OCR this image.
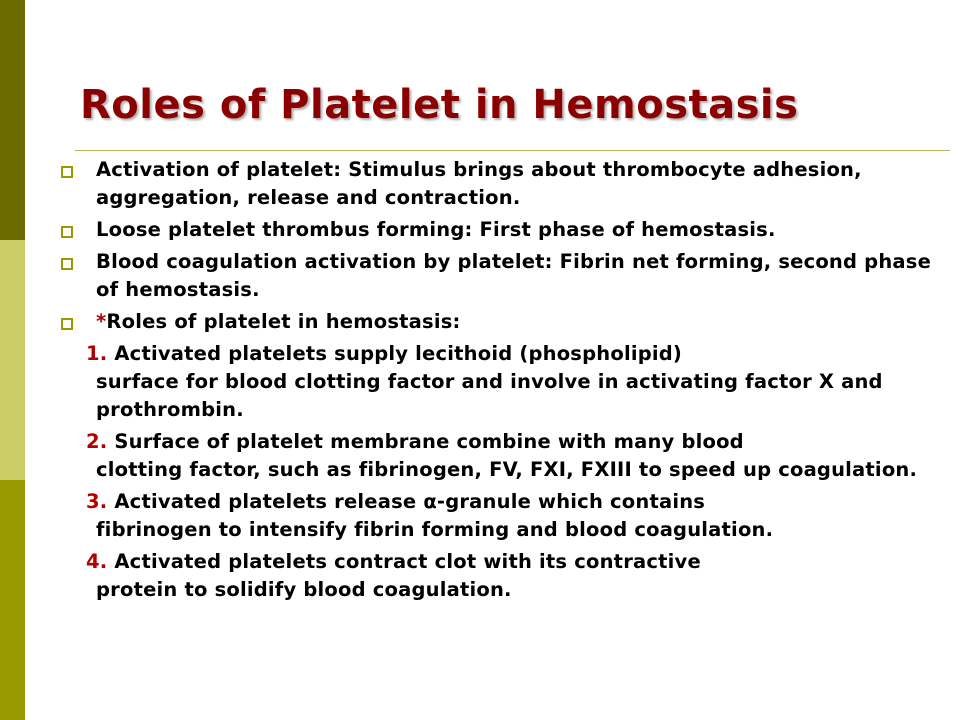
Roles of Platelet in Hemostasis
Activation of platelet: Stimulus brings about thrombocyte adhesion, aggregation, release and contraction.
Loose platelet thrombus forming: First phase of hemostasis.
Blood coagulation activation by platelet: Fibrin net forming, second phase of hemostasis.
*Roles of platelet in hemostasis:
1. Activated platelets supply lecithoid (phospholipid)
surface for blood clotting factor and involve in activating factor X and prothrombin.
2. Surface of platelet membrane combine with many blood
clotting factor, such as fibrinogen, FV, FXI, FXIII to speed up coagulation.
3. Activated platelets release α-granule which contains
fibrinogen to intensify fibrin forming and blood coagulation.
4. Activated platelets contract clot with its contractive
protein to solidify blood coagulation.
